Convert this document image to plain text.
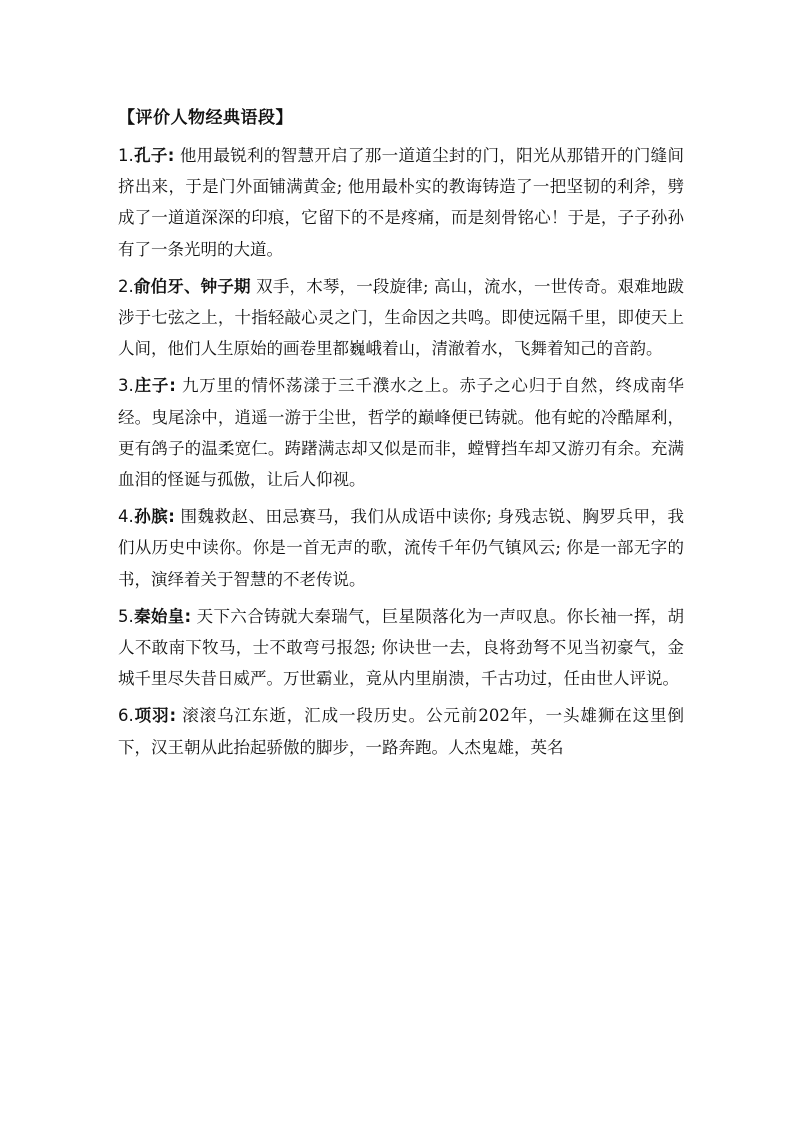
【评价人物经典语段】

1.孔子: 他用最锐利的智慧开启了那一道道尘封的门，阳光从那错开的门缝间挤出来，于是门外面铺满黄金; 他用最朴实的教诲铸造了一把坚韧的利斧，劈成了一道道深深的印痕，它留下的不是疼痛，而是刻骨铭心！于是，子子孙孙有了一条光明的大道。

2.俞伯牙、钟子期 双手，木琴，一段旋律; 高山，流水，一世传奇。艰难地跋涉于七弦之上，十指轻敲心灵之门，生命因之共鸣。即使远隔千里，即使天上人间，他们人生原始的画卷里都巍峨着山，清澈着水，飞舞着知己的音韵。

3.庄子: 九万里的情怀荡漾于三千濮水之上。赤子之心归于自然，终成南华经。曳尾涂中，逍遥一游于尘世，哲学的巅峰便已铸就。他有蛇的冷酷犀利，更有鸽子的温柔宽仁。踌躇满志却又似是而非，螳臂挡车却又游刃有余。充满血泪的怪诞与孤傲，让后人仰视。

4.孙膑: 围魏救赵、田忌赛马，我们从成语中读你; 身残志锐、胸罗兵甲，我们从历史中读你。你是一首无声的歌，流传千年仍气镇风云; 你是一部无字的书，演绎着关于智慧的不老传说。

5.秦始皇: 天下六合铸就大秦瑞气，巨星陨落化为一声叹息。你长袖一挥，胡人不敢南下牧马，士不敢弯弓报怨; 你诀世一去，良将劲弩不见当初豪气，金城千里尽失昔日威严。万世霸业，竟从内里崩溃，千古功过，任由世人评说。

6.项羽: 滚滚乌江东逝，汇成一段历史。公元前202年，一头雄狮在这里倒下，汉王朝从此抬起骄傲的脚步，一路奔跑。人杰鬼雄，英名
